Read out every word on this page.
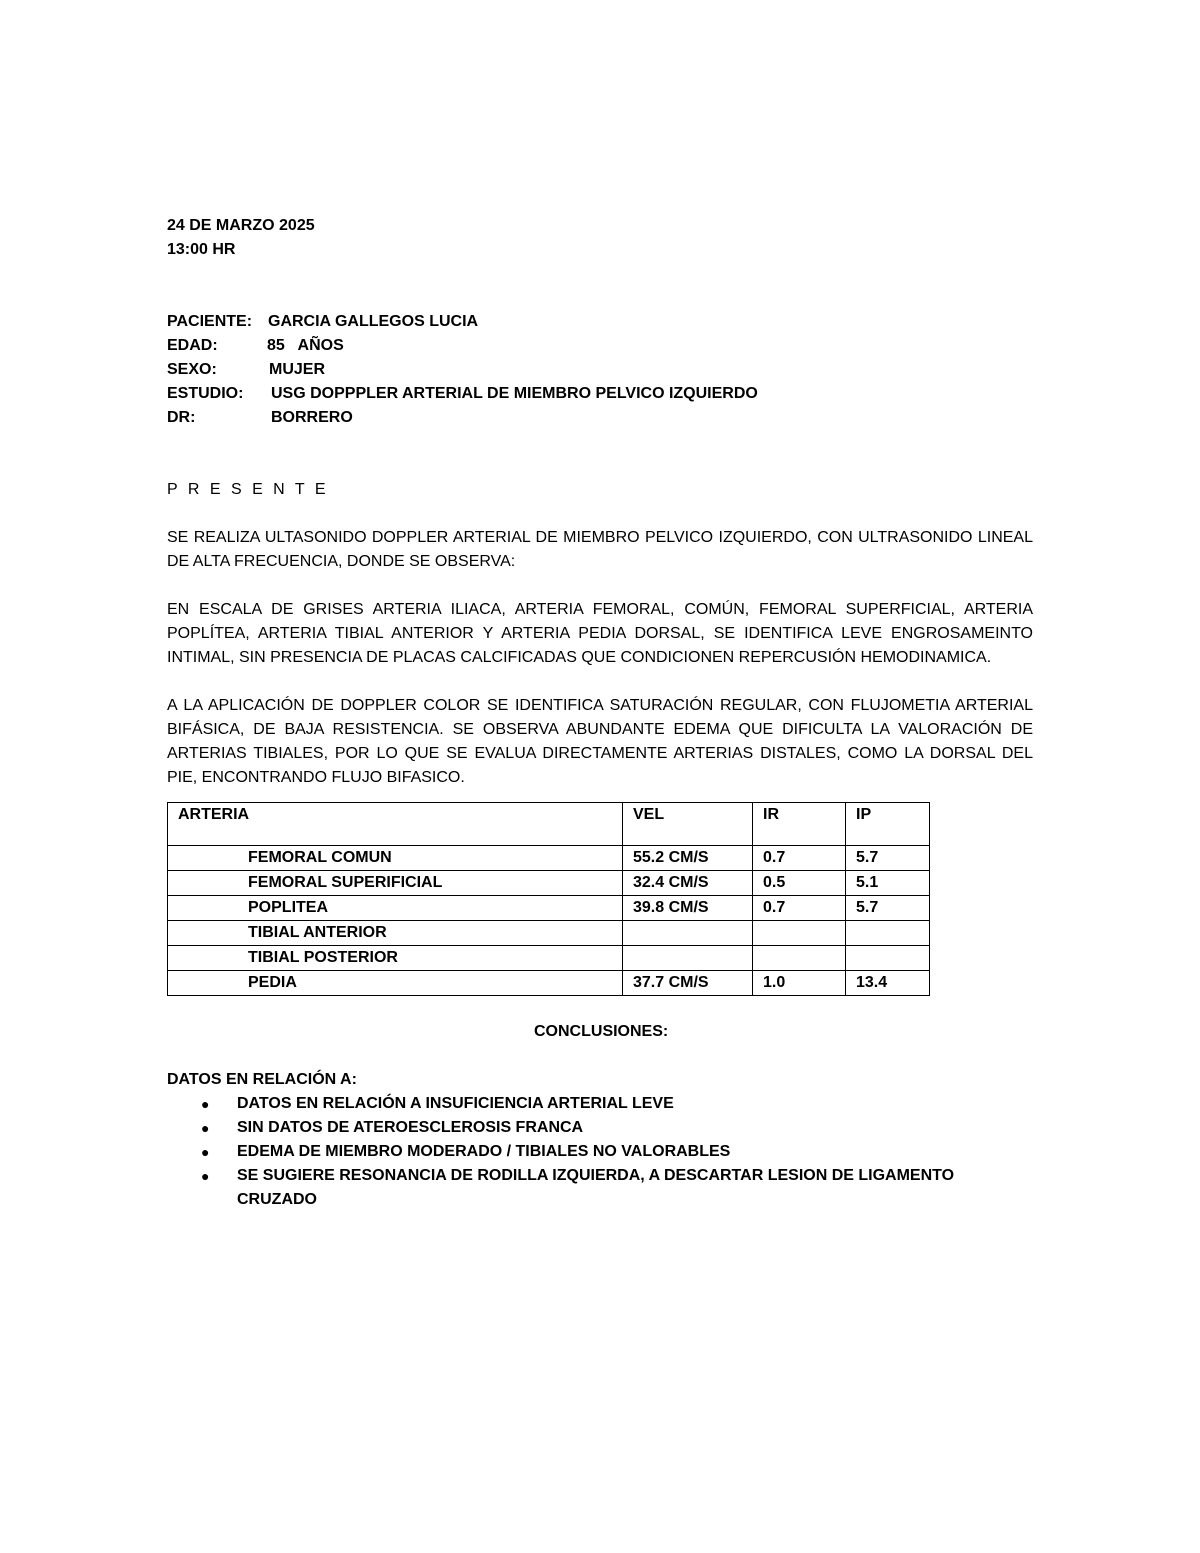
24 DE MARZO 2025
13:00 HR
PACIENTE: GARCIA GALLEGOS LUCIA
EDAD:	85   AÑOS
SEXO:	MUJER
ESTUDIO:	USG DOPPPLER ARTERIAL DE MIEMBRO PELVICO IZQUIERDO
DR:	BORRERO
P R E S E N T E

SE REALIZA ULTASONIDO DOPPLER ARTERIAL DE MIEMBRO PELVICO IZQUIERDO, CON ULTRASONIDO LINEAL DE ALTA FRECUENCIA, DONDE SE OBSERVA:

EN ESCALA DE GRISES ARTERIA ILIACA, ARTERIA FEMORAL, COMÚN, FEMORAL SUPERFICIAL, ARTERIA POPLÍTEA, ARTERIA TIBIAL ANTERIOR Y ARTERIA PEDIA DORSAL, SE IDENTIFICA LEVE ENGROSAMEINTO INTIMAL, SIN PRESENCIA DE PLACAS CALCIFICADAS QUE CONDICIONEN REPERCUSIÓN HEMODINAMICA.

A LA APLICACIÓN DE DOPPLER COLOR SE IDENTIFICA SATURACIÓN REGULAR, CON FLUJOMETIA ARTERIAL BIFÁSICA, DE BAJA RESISTENCIA. SE OBSERVA ABUNDANTE EDEMA QUE DIFICULTA LA VALORACIÓN DE ARTERIAS TIBIALES, POR LO QUE SE EVALUA DIRECTAMENTE ARTERIAS DISTALES, COMO LA DORSAL DEL PIE, ENCONTRANDO FLUJO BIFASICO.

ARTERIA	VEL	IR	IP
FEMORAL COMUN	55.2 CM/S	0.7	5.7
FEMORAL SUPERIFICIAL	32.4 CM/S	0.5	5.1
POPLITEA	39.8 CM/S	0.7	5.7
TIBIAL ANTERIOR			
TIBIAL POSTERIOR			
PEDIA	37.7 CM/S	1.0	13.4
CONCLUSIONES:
DATOS EN RELACIÓN A:
● DATOS EN RELACIÓN A INSUFICIENCIA ARTERIAL LEVE
● SIN DATOS DE ATEROESCLEROSIS FRANCA
● EDEMA DE MIEMBRO MODERADO / TIBIALES NO VALORABLES
● SE SUGIERE RESONANCIA DE RODILLA IZQUIERDA, A DESCARTAR LESION DE LIGAMENTO CRUZADO
